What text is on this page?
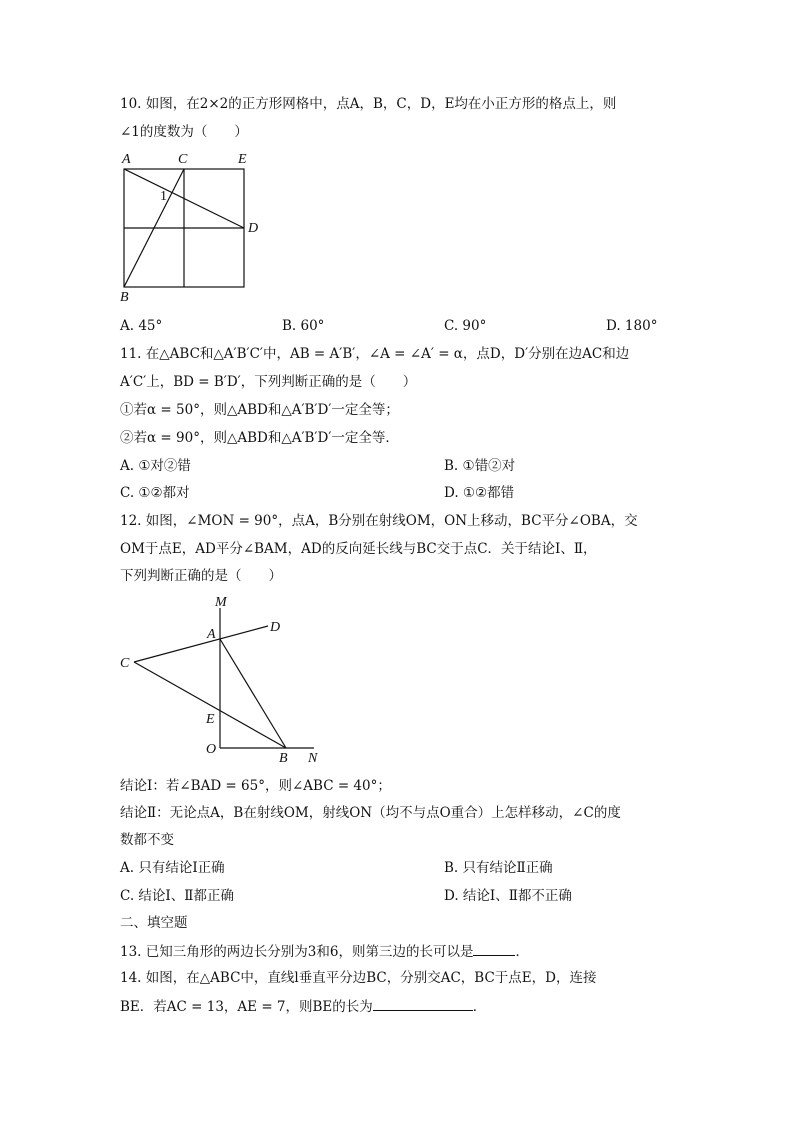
10. 如图，在2×2的正方形网格中，点A，B，C，D，E均在小正方形的格点上，则
∠1的度数为（　　）
A	C	E
D
B
1
A. 45°	B. 60°	C. 90°	D. 180°
11. 在△ABC和△A′B′C′中，AB = A′B′，∠A = ∠A′ = α，点D，D′分别在边AC和边
A′C′上，BD = B′D′，下列判断正确的是（　　）
①若α = 50°，则△ABD和△A′B′D′一定全等；
②若α = 90°，则△ABD和△A′B′D′一定全等．
A. ①对②错	B. ①错②对
C. ①②都对	D. ①②都错
12. 如图，∠MON = 90°，点A，B分别在射线OM，ON上移动，BC平分∠OBA，交
OM于点E，AD平分∠BAM，AD的反向延长线与BC交于点C．关于结论Ⅰ、Ⅱ，
下列判断正确的是（　　）
M
A	D
C
E
O
B N
结论Ⅰ：若∠BAD = 65°，则∠ABC = 40°；
结论Ⅱ：无论点A，B在射线OM，射线ON（均不与点O重合）上怎样移动，∠C的度
数都不变
A. 只有结论Ⅰ正确	B. 只有结论Ⅱ正确
C. 结论Ⅰ、Ⅱ都正确	D. 结论Ⅰ、Ⅱ都不正确
二、填空题
13. 已知三角形的两边长分别为3和6，则第三边的长可以是	．
14. 如图，在△ABC中，直线l垂直平分边BC，分别交AC，BC于点E，D，连接
BE．若AC = 13，AE = 7，则BE的长为	．
